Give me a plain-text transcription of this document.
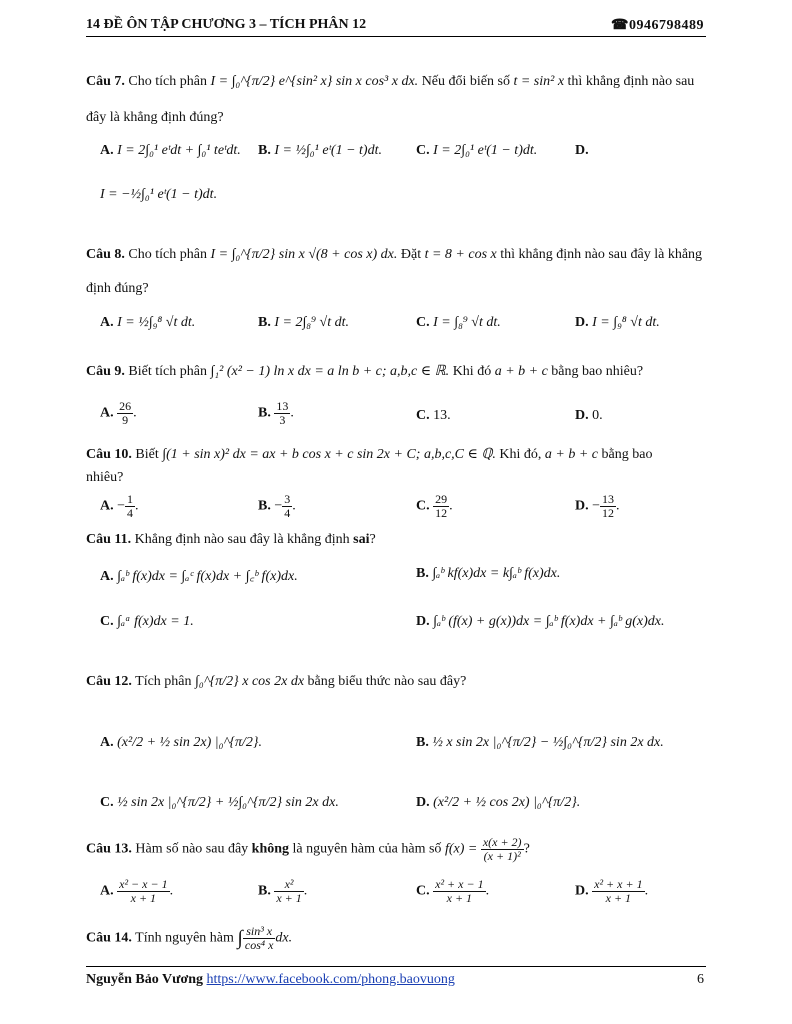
14 ĐỀ ÔN TẬP CHƯƠNG 3 – TÍCH PHÂN 12	☎0946798489
Câu 7. Cho tích phân I = ∫₀^{π/2} e^{sin² x} sin x cos³ x dx. Nếu đổi biến số t = sin² x thì khẳng định nào sau
đây là khẳng định đúng?
A. I = 2∫₀¹ eᵗdt + ∫₀¹ teᵗdt. B. I = ½∫₀¹ eᵗ(1 − t)dt. C. I = 2∫₀¹ eᵗ(1 − t)dt.	D.
I = −½∫₀¹ eᵗ(1 − t)dt.
Câu 8. Cho tích phân I = ∫₀^{π/2} sin x √(8 + cos x) dx. Đặt t = 8 + cos x thì khẳng định nào sau đây là khẳng
định đúng?
A. I = ½∫₉⁸ √t dt.	B. I = 2∫₈⁹ √t dt.	C. I = ∫₈⁹ √t dt.	D. I = ∫₉⁸ √t dt.
Câu 9. Biết tích phân ∫₁² (x² − 1) ln x dx = a ln b + c; a,b,c ∈ ℝ. Khi đó a + b + c bằng bao nhiêu?
A. $\frac{26}{9}$ .	B. $\frac{13}{3}$ .	C. 13.	D. 0.
Câu 10. Biết ∫(1 + sin x)² dx = ax + b cos x + c sin 2x + C; a,b,c,C ∈ ℚ. Khi đó, a + b + c bằng bao
nhiêu?
A. − $\frac{1}{4}$ .	B. − $\frac{3}{4}$ .	C. $\frac{29}{12}$ .	D. − $\frac{13}{12}$ .
Câu 11. Khẳng định nào sau đây là khẳng định sai?
A. ∫ₐᵇ f(x)dx = ∫ₐᶜ f(x)dx + ∫꜀ᵇ f(x)dx.	B. ∫ₐᵇ kf(x)dx = k∫ₐᵇ f(x)dx.
C. ∫ₐᵃ f(x)dx = 1.	D. ∫ₐᵇ (f(x) + g(x))dx = ∫ₐᵇ f(x)dx + ∫ₐᵇ g(x)dx.
Câu 12. Tích phân ∫₀^{π/2} x cos 2x dx bằng biểu thức nào sau đây?
A. (x²/2 + ½ sin 2x) |₀^{π/2}.	B. ½ x sin 2x |₀^{π/2} − ½∫₀^{π/2} sin 2x dx.
C. ½ sin 2x |₀^{π/2} + ½∫₀^{π/2} sin 2x dx.	D. (x²/2 + ½ cos 2x) |₀^{π/2}.
Câu 13. Hàm số nào sau đây không là nguyên hàm của hàm số $f(x) = \frac{x(x + 2)}{\text{(x + 1)²}}$ ?
A. $\frac{\text{x² − x − 1}}{x + 1}$ .	B. $\frac{\text{x²}}{x + 1}$ .	C. $\frac{\text{x² + x − 1}}{x + 1}$ .	D. $\frac{\text{x² + x + 1}}{x + 1}$ .
Câu 14. Tính nguyên hàm ∫ $\frac{\text{sin³ x}}{\text{cos⁴ x}}$ dx.
Nguyễn Bảo Vương https://www.facebook.com/phong.baovuong	6
